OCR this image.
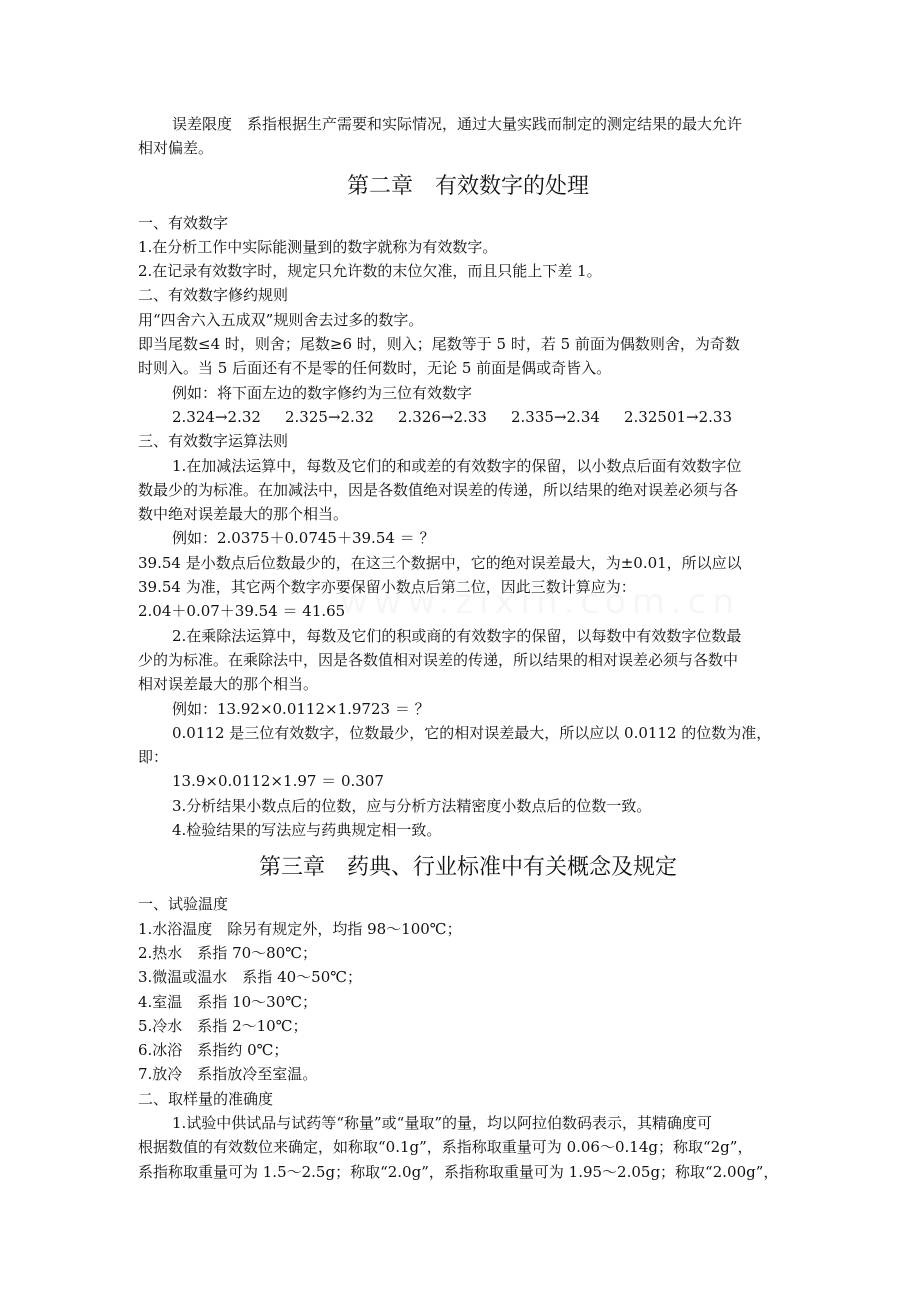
误差限度　系指根据生产需要和实际情况，通过大量实践而制定的测定结果的最大允许
相对偏差。
第二章　有效数字的处理
一、有效数字
1.在分析工作中实际能测量到的数字就称为有效数字。
2.在记录有效数字时，规定只允许数的末位欠准，而且只能上下差 1。
二、有效数字修约规则
用“四舍六入五成双”规则舍去过多的数字。
即当尾数≤4 时，则舍；尾数≥6 时，则入；尾数等于 5 时，若 5 前面为偶数则舍，为奇数
时则入。当 5 后面还有不是零的任何数时，无论 5 前面是偶或奇皆入。
例如：将下面左边的数字修约为三位有效数字
2.324→2.32 2.325→2.32 2.326→2.33 2.335→2.34 2.32501→2.33
三、有效数字运算法则
1.在加减法运算中，每数及它们的和或差的有效数字的保留，以小数点后面有效数字位
数最少的为标准。在加减法中，因是各数值绝对误差的传递，所以结果的绝对误差必须与各
数中绝对误差最大的那个相当。
例如：2.0375＋0.0745＋39.54 ＝ ？
39.54 是小数点后位数最少的，在这三个数据中，它的绝对误差最大，为±0.01，所以应以
39.54 为准，其它两个数字亦要保留小数点后第二位，因此三数计算应为：
2.04＋0.07＋39.54 ＝ 41.65
2.在乘除法运算中，每数及它们的积或商的有效数字的保留，以每数中有效数字位数最
少的为标准。在乘除法中，因是各数值相对误差的传递，所以结果的相对误差必须与各数中
相对误差最大的那个相当。
例如：13.92×0.0112×1.9723 ＝ ？
0.0112 是三位有效数字，位数最少，它的相对误差最大，所以应以 0.0112 的位数为准，
即：
13.9×0.0112×1.97 ＝ 0.307
3.分析结果小数点后的位数，应与分析方法精密度小数点后的位数一致。
4.检验结果的写法应与药典规定相一致。
第三章　药典、行业标准中有关概念及规定
一、试验温度
1.水浴温度　除另有规定外，均指 98～100℃；
2.热水　系指 70～80℃；
3.微温或温水　系指 40～50℃；
4.室温　系指 10～30℃；
5.冷水　系指 2～10℃；
6.冰浴　系指约 0℃；
7.放冷　系指放冷至室温。
二、取样量的准确度
1.试验中供试品与试药等“称量”或“量取”的量，均以阿拉伯数码表示，其精确度可
根据数值的有效数位来确定，如称取“0.1g”，系指称取重量可为 0.06～0.14g；称取“2g”，
系指称取重量可为 1.5～2.5g；称取“2.0g”，系指称取重量可为 1.95～2.05g；称取“2.00g”，
